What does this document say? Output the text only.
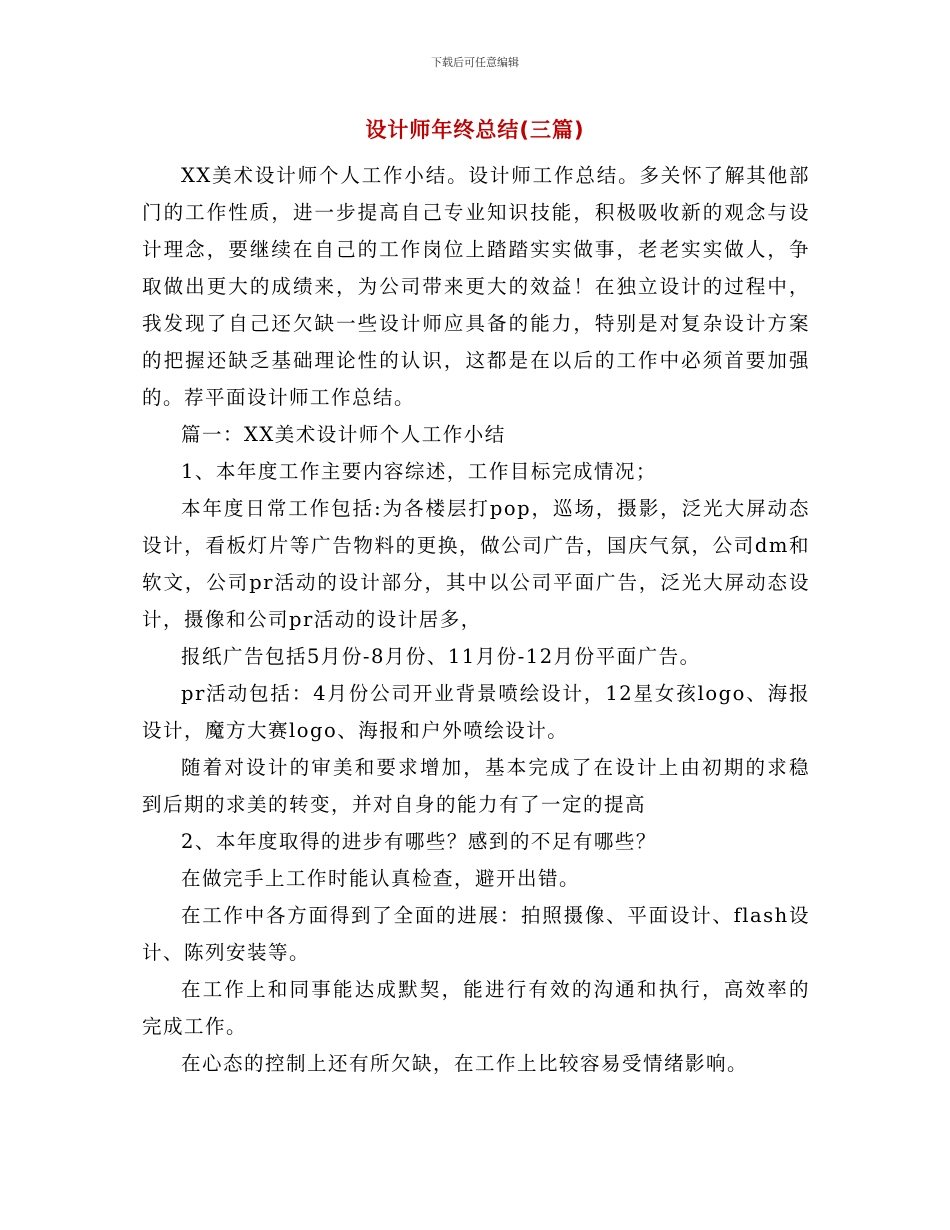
下载后可任意编辑
设计师年终总结(三篇)

XX美术设计师个人工作小结。设计师工作总结。多关怀了解其他部门的工作性质，进一步提高自己专业知识技能，积极吸收新的观念与设计理念，要继续在自己的工作岗位上踏踏实实做事，老老实实做人，争取做出更大的成绩来，为公司带来更大的效益！在独立设计的过程中，我发现了自己还欠缺一些设计师应具备的能力，特别是对复杂设计方案的把握还缺乏基础理论性的认识，这都是在以后的工作中必须首要加强的。荐平面设计师工作总结。

篇一：XX美术设计师个人工作小结

1、本年度工作主要内容综述，工作目标完成情况；

本年度日常工作包括:为各楼层打pop，巡场，摄影，泛光大屏动态设计，看板灯片等广告物料的更换，做公司广告，国庆气氛，公司dm和软文，公司pr活动的设计部分，其中以公司平面广告，泛光大屏动态设计，摄像和公司pr活动的设计居多，

报纸广告包括5月份-8月份、11月份-12月份平面广告。

pr活动包括：4月份公司开业背景喷绘设计，12星女孩logo、海报设计，魔方大赛logo、海报和户外喷绘设计。

随着对设计的审美和要求增加，基本完成了在设计上由初期的求稳到后期的求美的转变，并对自身的能力有了一定的提高

2、本年度取得的进步有哪些？感到的不足有哪些？

在做完手上工作时能认真检查，避开出错。

在工作中各方面得到了全面的进展：拍照摄像、平面设计、flash设计、陈列安装等。

在工作上和同事能达成默契，能进行有效的沟通和执行，高效率的完成工作。

在心态的控制上还有所欠缺，在工作上比较容易受情绪影响。
